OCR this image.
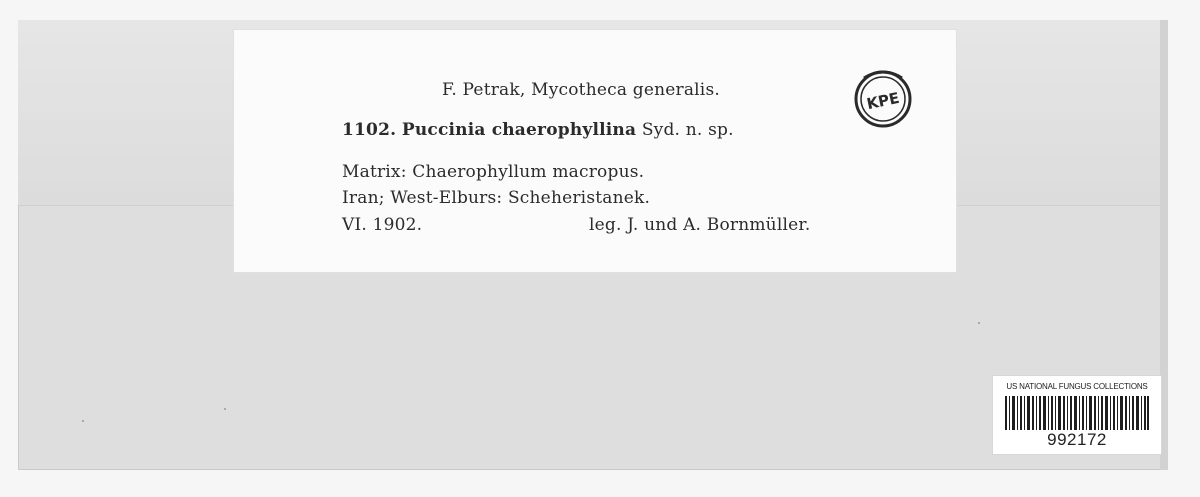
US NATIONAL FUNGUS COLLECTIONS
992172
F. Petrak, Mycotheca generalis.
1102. Puccinia chaerophyllina Syd. n. sp.
Matrix: Chaerophyllum macropus.
Iran; West-Elburs: Scheheristanek.
VI. 1902.	leg. J. und A. Bornmüller.
KPE
